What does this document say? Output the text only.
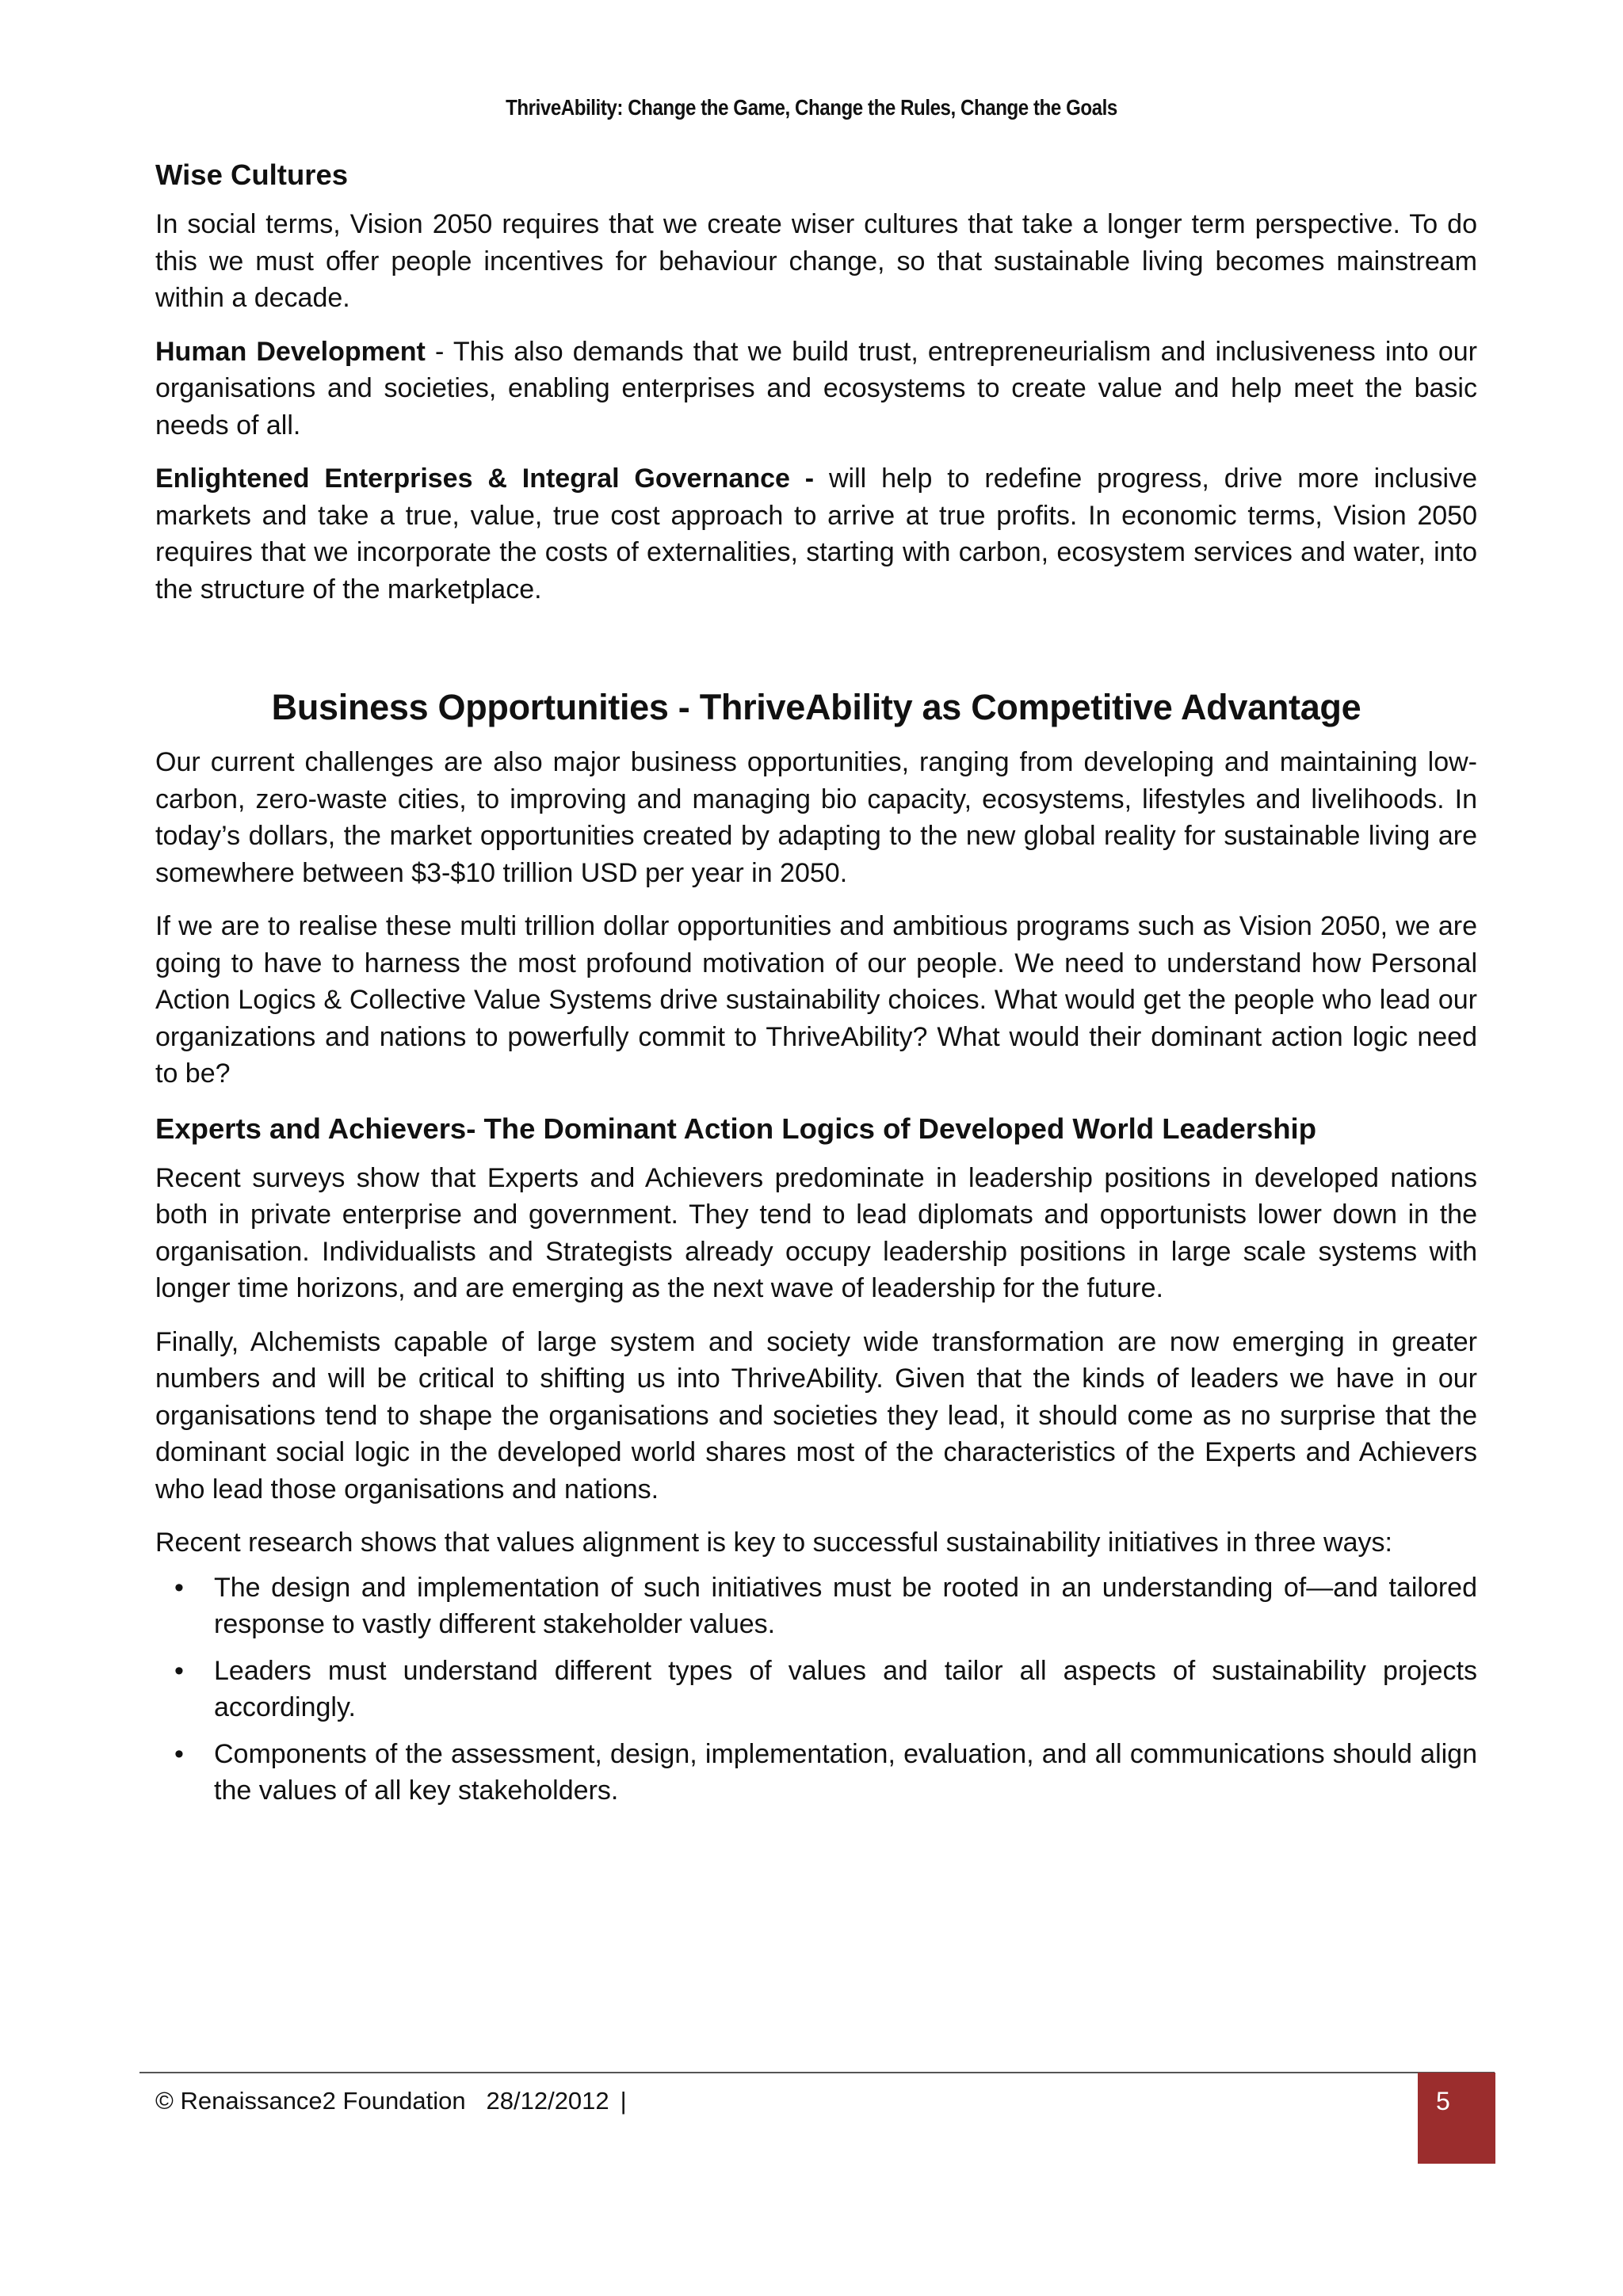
ThriveAbility: Change the Game, Change the Rules, Change the Goals
Wise Cultures

In social terms, Vision 2050 requires that we create wiser cultures that take a longer term perspective. To do this we must offer people incentives for behaviour change, so that sustainable living becomes mainstream within a decade.

Human Development - This also demands that we build trust, entrepreneurialism and inclusiveness into our organisations and societies, enabling enterprises and ecosystems to create value and help meet the basic needs of all.

Enlightened Enterprises & Integral Governance - will help to redefine progress, drive more inclusive markets and take a true, value, true cost approach to arrive at true profits. In economic terms, Vision 2050 requires that we incorporate the costs of externalities, starting with carbon, ecosystem services and water, into the structure of the marketplace.

Business Opportunities - ThriveAbility as Competitive Advantage

Our current challenges are also major business opportunities, ranging from developing and maintaining low-carbon, zero-waste cities, to improving and managing bio capacity, ecosystems, lifestyles and livelihoods. In today’s dollars, the market opportunities created by adapting to the new global reality for sustainable living are somewhere between $3-$10 trillion USD per year in 2050.

If we are to realise these multi trillion dollar opportunities and ambitious programs such as Vision 2050, we are going to have to harness the most profound motivation of our people. We need to understand how Personal Action Logics & Collective Value Systems drive sustainability choices. What would get the people who lead our organizations and nations to powerfully commit to ThriveAbility? What would their dominant action logic need to be?

Experts and Achievers- The Dominant Action Logics of Developed World Leadership

Recent surveys show that Experts and Achievers predominate in leadership positions in developed nations both in private enterprise and government. They tend to lead diplomats and opportunists lower down in the organisation. Individualists and Strategists already occupy leadership positions in large scale systems with longer time horizons, and are emerging as the next wave of leadership for the future.

Finally, Alchemists capable of large system and society wide transformation are now emerging in greater numbers and will be critical to shifting us into ThriveAbility. Given that the kinds of leaders we have in our organisations tend to shape the organisations and societies they lead, it should come as no surprise that the dominant social logic in the developed world shares most of the characteristics of the Experts and Achievers who lead those organisations and nations.

Recent research shows that values alignment is key to successful sustainability initiatives in three ways:

• The design and implementation of such initiatives must be rooted in an understanding of—and tailored response to vastly different stakeholder values.
• Leaders must understand different types of values and tailor all aspects of sustainability projects accordingly.
• Components of the assessment, design, implementation, evaluation, and all communications should align the values of all key stakeholders.
© Renaissance2 Foundation 28/12/2012 |	5
